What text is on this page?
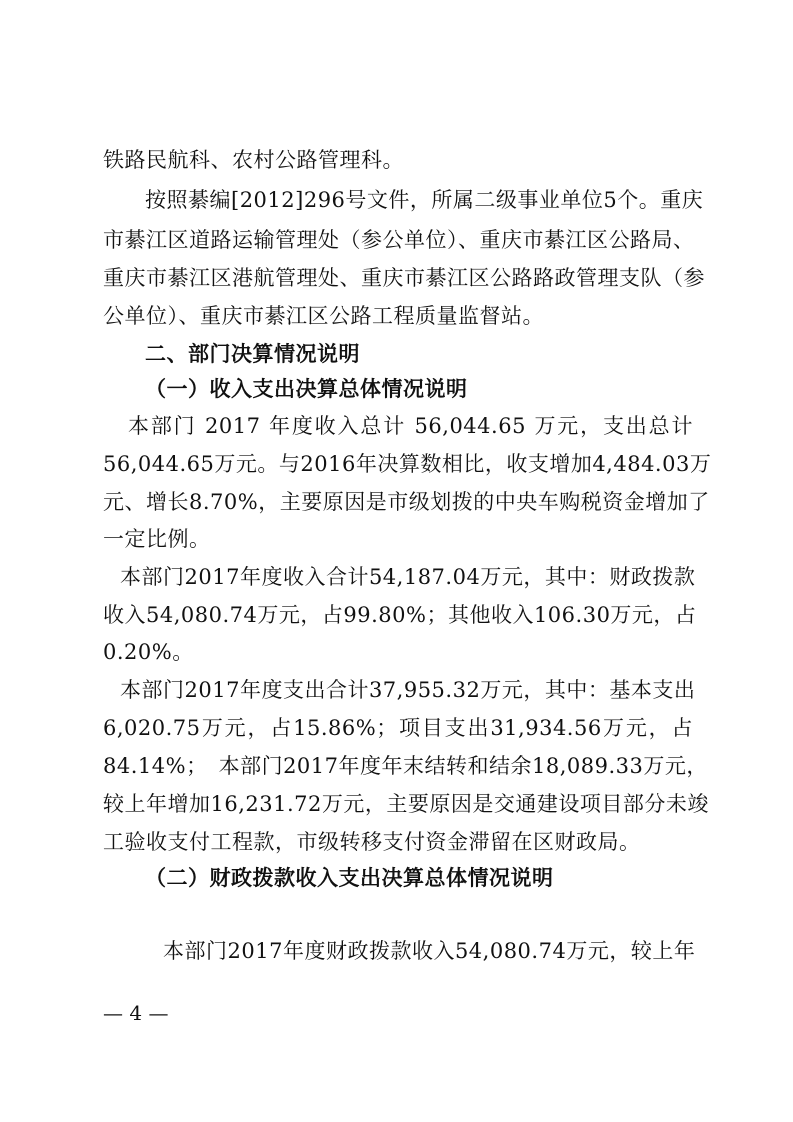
铁路民航科、农村公路管理科。
按照綦编[2012]296号文件，所属二级事业单位5个。重庆
市綦江区道路运输管理处（参公单位）、重庆市綦江区公路局、
重庆市綦江区港航管理处、重庆市綦江区公路路政管理支队（参
公单位）、重庆市綦江区公路工程质量监督站。
二、部门决算情况说明
（一）收入支出决算总体情况说明
本部门 2017 年度收入总计 56,044.65 万元，支出总计
56,044.65万元。与2016年决算数相比，收支增加4,484.03万
元、增长8.70%，主要原因是市级划拨的中央车购税资金增加了
一定比例。
本部门2017年度收入合计54,187.04万元，其中：财政拨款
收入54,080.74万元，占99.80%；其他收入106.30万元，占
0.20%。
本部门2017年度支出合计37,955.32万元，其中：基本支出
6,020.75万元，占15.86%；项目支出31,934.56万元，占
84.14%；　本部门2017年度年末结转和结余18,089.33万元，
较上年增加16,231.72万元，主要原因是交通建设项目部分未竣
工验收支付工程款，市级转移支付资金滞留在区财政局。
（二）财政拨款收入支出决算总体情况说明
本部门2017年度财政拨款收入54,080.74万元，较上年
— 4 —
